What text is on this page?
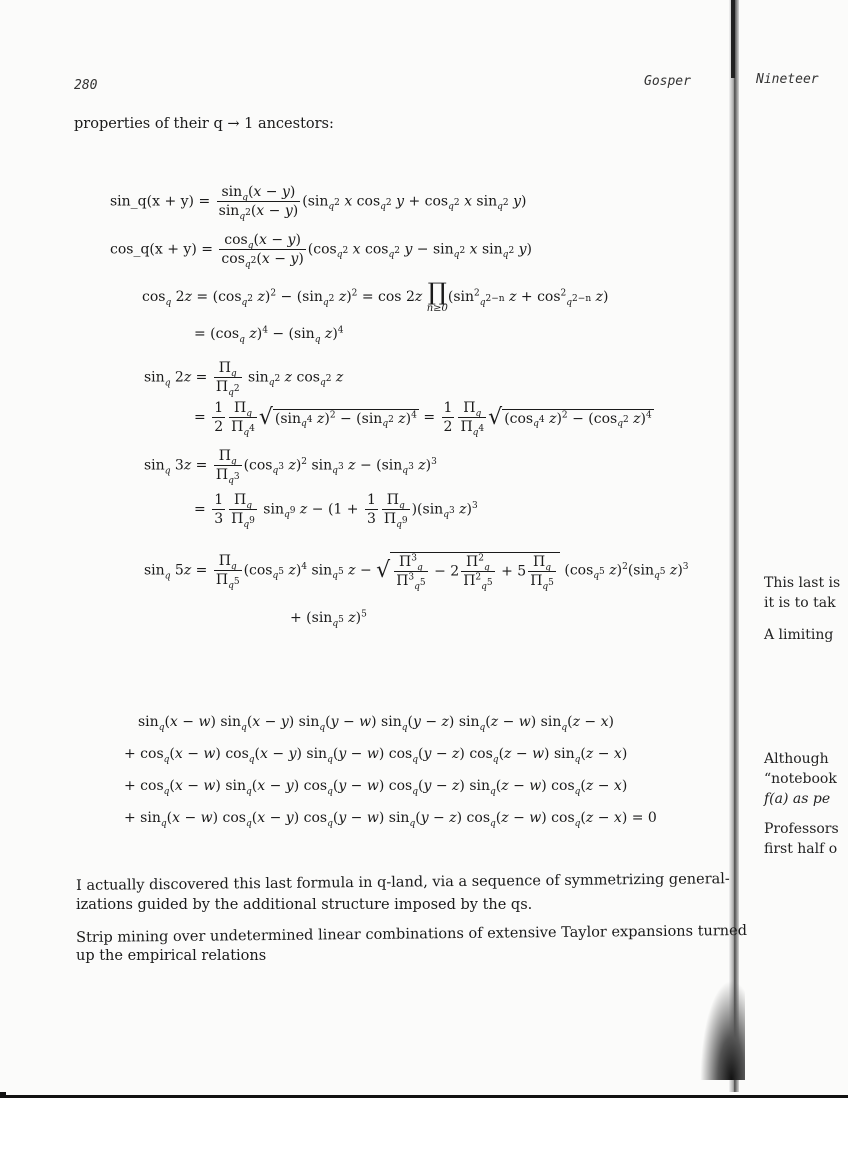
280	Gosper	Nineteer
properties of their q → 1 ancestors:
sin_q(x + $y) = \frac{\sin_q(x - y)}{\sin_{q^2}(x - y)} (\sin_{q^2}$ x $\cos_{q^2} y + \cos_{q^2} x$ $\sin_{q^2} y$)
cos_q(x + $y) = \frac{\cos_q(x - y)}{\cos_{q^2}(x - y)} (\cos_{q^2}$ x $\cos_{q^2} y - \sin_{q^2} x$ $\sin_{q^2} y$)
$\cos_q 2z = (\cos_{q^2}$ $z)^2 - (\sin_{q^2}$ z)$^2$ = cos 2z ∏
n≥0
($\sin^2_{q^{2-n}}$ $z + \cos^2_{q^{2-n}} z$)
= ($\cos_q$ $z)^4 - (\sin_q$ z)$^4$
$\sin_q 2z = \frac{\Pi_q}{\Pi_{q^2}} \sin_{q^2} z$ $\cos_{q^2} z$
= $\frac{1}{2} \frac{\Pi_q}{\Pi_{q^4}}$ √ ($\sin_{q^4}$ $z)^2 - (\sin_{q^2}$ $z)^4 = \frac{1}{2} \frac{\Pi_q}{\Pi_{q^4}}$ √ ($\cos_{q^4}$ $z)^2 - (\cos_{q^2}$ z)$^4$
$\sin_q 3z = \frac{\Pi_q}{\Pi_{q^3}} (\cos_{q^3}$ z)$^2$ $\sin_{q^3} z - (\sin_{q^3}$ z)$^3$
= $\frac{1}{3} \frac{\Pi_q}{\Pi_{q^9}} \sin_{q^9} z - (1 + \frac{1}{3} \frac{\Pi_q}{\Pi_{q^9}} )(\sin_{q^3}$ z)$^3$
$\sin_q 5z = \frac{\Pi_q}{\Pi_{q^5}} (\cos_{q^5}$ z)$^4$ $\sin_{q^5} z$ − √ $\frac{\Pi^3_q}{\Pi^3_{q^5}} - 2 \frac{\Pi^2_q}{\Pi^2_{q^5}} + 5 \frac{\Pi_q}{\Pi_{q^5}} (\cos_{q^5}$ $z)^2(\sin_{q^5}$ z)$^3$
+ ($\sin_{q^5}$ z)$^5$
$\sin_q(x - w) \sin_q(x - y) \sin_q(y - w) \sin_q(y - z) \sin_q(z - w) \sin_q(z - x)$
+ $\cos_q(x - w) \cos_q(x - y) \sin_q(y - w) \cos_q(y - z) \cos_q(z - w) \sin_q(z - x)$
+ $\cos_q(x - w) \sin_q(x - y) \cos_q(y - w) \cos_q(y - z) \sin_q(z - w) \cos_q(z - x)$
+ $\sin_q(x - w) \cos_q(x - y) \cos_q(y - w) \sin_q(y - z) \cos_q(z - w) \cos_q(z - x) = 0$
I actually discovered this last formula in q-land, via a sequence of symmetrizing general-
izations guided by the additional structure imposed by the qs.
Strip mining over undetermined linear combinations of extensive Taylor expansions turned
up the empirical relations
This last is
it is to tak
A limiting
Although
“notebook
f(a) as pe
Professors
first half o
